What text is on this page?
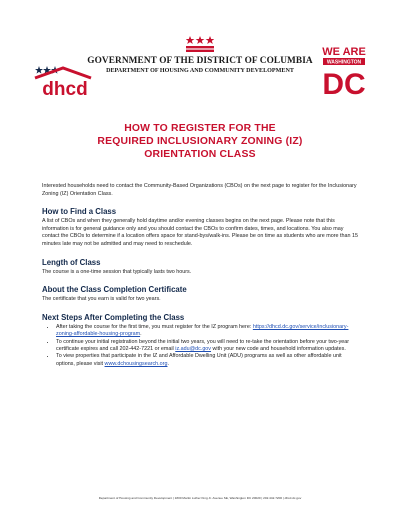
GOVERNMENT OF THE DISTRICT OF COLUMBIA
DEPARTMENT OF HOUSING AND COMMUNITY DEVELOPMENT
dhcd
WE ARE
WASHINGTON
DC
HOW TO REGISTER FOR THE
REQUIRED INCLUSIONARY ZONING (IZ)
ORIENTATION CLASS

Interested households need to contact the Community-Based Organizations (CBOs) on the next page to register for the Inclusionary Zoning (IZ) Orientation Class.

How to Find a Class

A list of CBOs and when they generally hold daytime and/or evening classes begins on the next page. Please note that this information is for general guidance only and you should contact the CBOs to confirm dates, times, and locations. You also may contact the CBOs to determine if a location offers space for stand-bys/walk-ins. Please be on time as students who are more than 15 minutes late may not be admitted and may need to reschedule.

Length of Class

The course is a one-time session that typically lasts two hours.

About the Class Completion Certificate

The certificate that you earn is valid for two years.

Next Steps After Completing the Class
• After taking the course for the first time, you must register for the IZ program here: https://dhcd.dc.gov/service/inclusionary-zoning-affordable-housing-program.
• To continue your initial registration beyond the initial two years, you will need to re-take the orientation before your two-year certificate expires and call 202-442-7221 or email iz.adu@dc.gov with your new code and household information updates.
• To view properties that participate in the IZ and Affordable Dwelling Unit (ADU) programs as well as other affordable unit options, please visit www.dchousingsearch.org.
Department of Housing and Community Development | 1800 Martin Luther King Jr. Avenue SE, Washington DC 20020 | 202.442.7200 | dhcd.dc.gov
